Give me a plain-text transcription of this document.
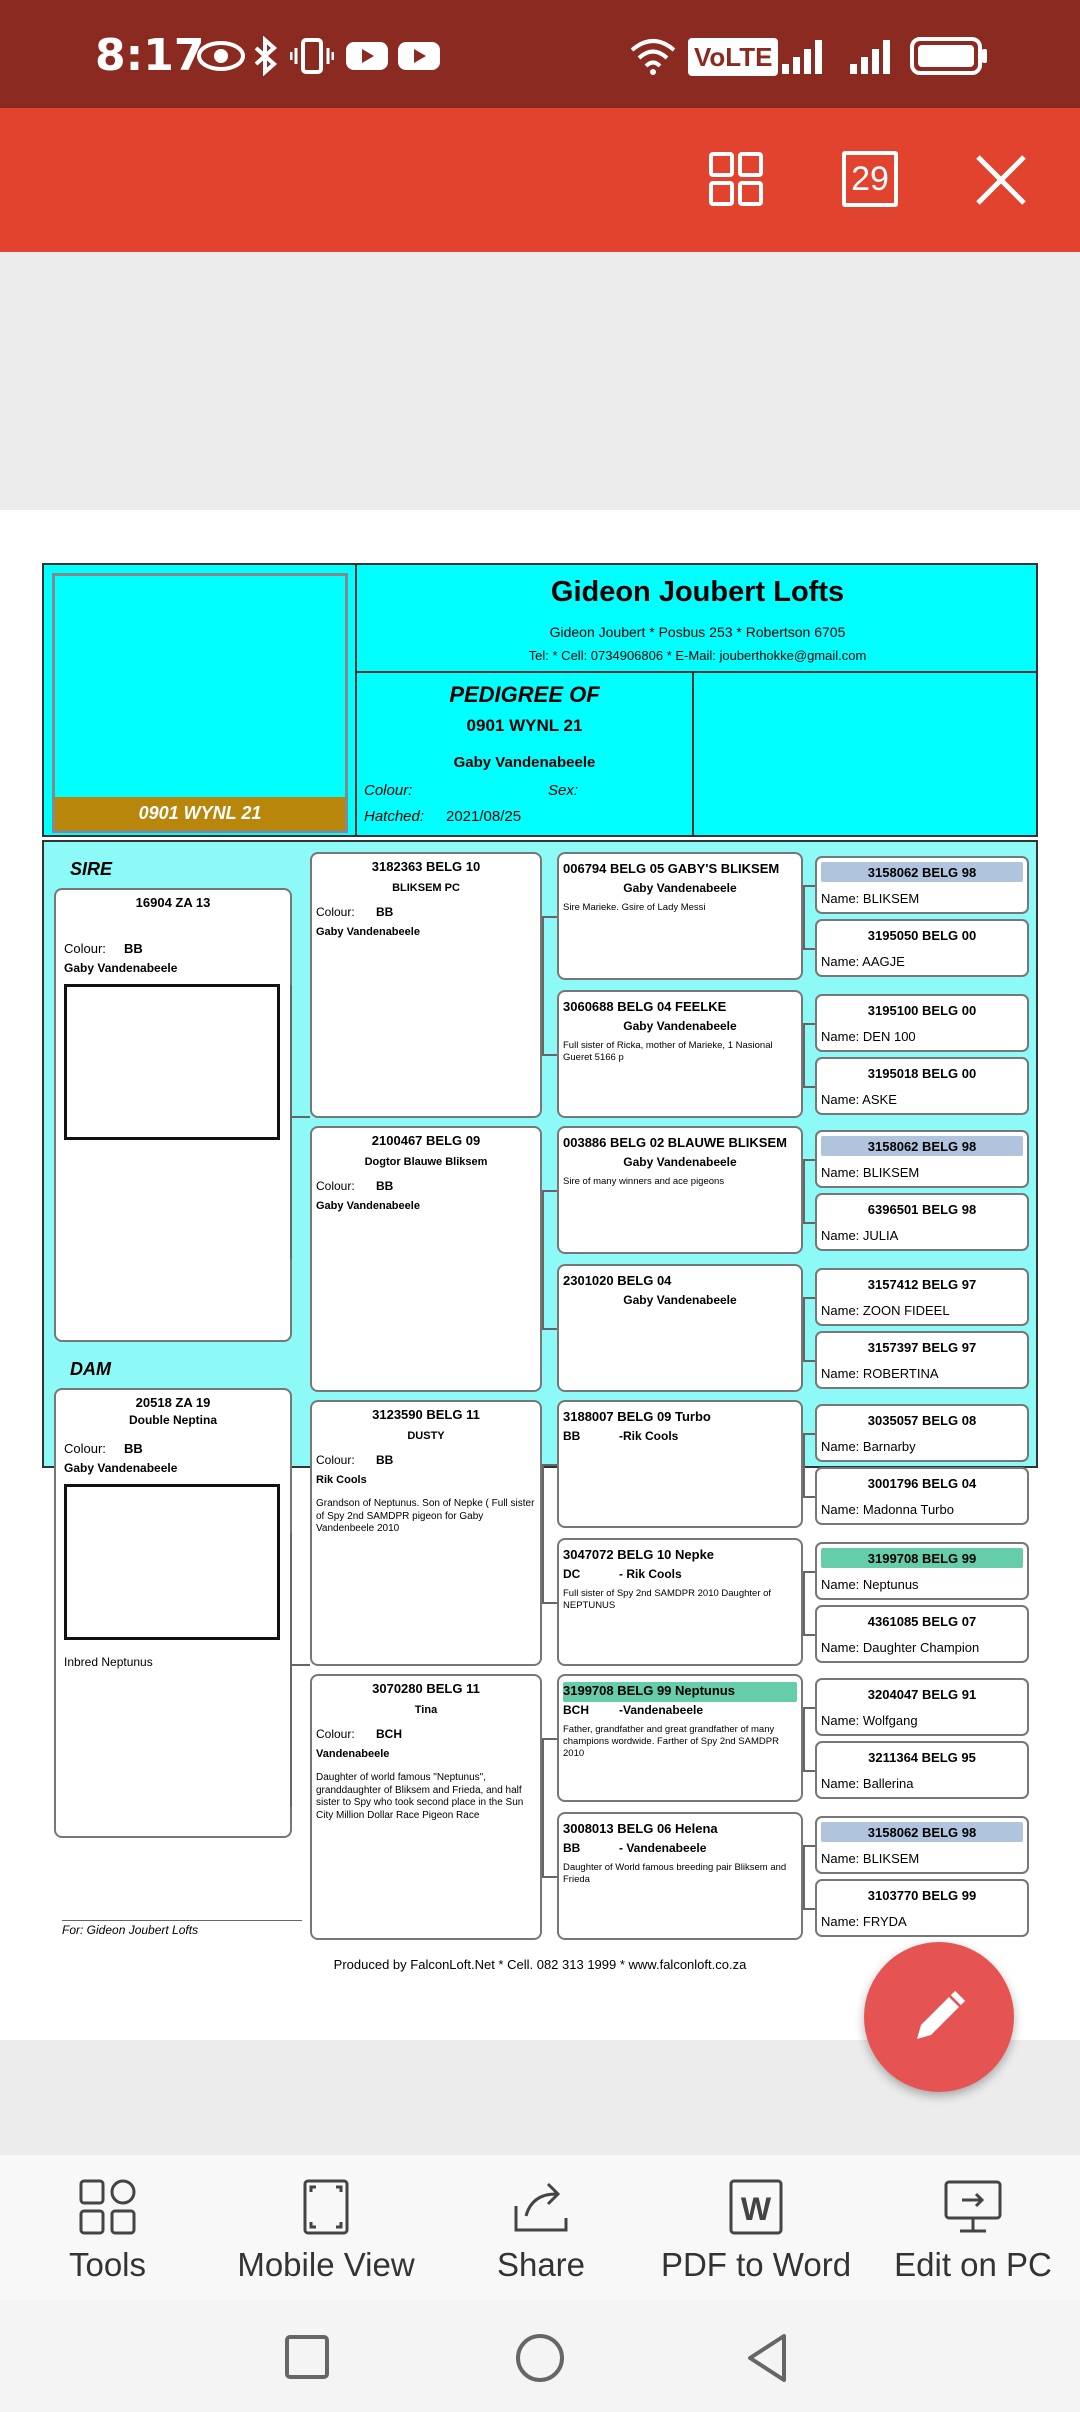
8:17	VoLTE
29
0901 WYNL 21
Gideon Joubert Lofts
Gideon Joubert * Posbus 253 * Robertson 6705
Tel: * Cell: 0734906806 * E-Mail: jouberthokke@gmail.com
PEDIGREE OF
0901 WYNL 21
Gaby Vandenabeele
Colour:	Sex:
Hatched: 2021/08/25
SIRE
DAM
16904 ZA 13
Colour: BB
Gaby Vandenabeele
20518 ZA 19
Double Neptina
Colour: BB
Gaby Vandenabeele
Inbred Neptunus
For: Gideon Joubert Lofts
Produced by FalconLoft.Net * Cell. 082 313 1999 * www.falconloft.co.za
3182363 BELG 10
BLIKSEM PC
Colour: BB
Gaby Vandenabeele
2100467 BELG 09
Dogtor Blauwe Bliksem
Colour: BB
Gaby Vandenabeele
3123590 BELG 11
DUSTY
Colour: BB
Rik Cools
Grandson of Neptunus. Son of Nepke ( Full sister of Spy 2nd SAMDPR pigeon for Gaby Vandenbeele 2010
3070280 BELG 11
Tina
Colour: BCH
Vandenabeele
Daughter of world famous "Neptunus", granddaughter of Bliksem and Frieda, and half sister to Spy who took second place in the Sun City Million Dollar Race Pigeon Race
006794 BELG 05 GABY'S BLIKSEM
Gaby Vandenabeele
Sire Marieke. Gsire of Lady Messi
3060688 BELG 04 FEELKE
Gaby Vandenabeele
Full sister of Ricka, mother of Marieke, 1 Nasional Gueret 5166 p
003886 BELG 02 BLAUWE BLIKSEM
Gaby Vandenabeele
Sire of many winners and ace pigeons
2301020 BELG 04
Gaby Vandenabeele
3188007 BELG 09 Turbo
BB	-Rik Cools
3047072 BELG 10 Nepke
DC	- Rik Cools
Full sister of Spy 2nd SAMDPR 2010 Daughter of NEPTUNUS
3199708 BELG 99 Neptunus
BCH	-Vandenabeele
Father, grandfather and great grandfather of many champions wordwide. Farther of Spy 2nd SAMDPR 2010
3008013 BELG 06 Helena
BB	- Vandenabeele
Daughter of World famous breeding pair Bliksem and Frieda
3158062 BELG 98
Name: BLIKSEM
3195050 BELG 00
Name: AAGJE
3195100 BELG 00
Name: DEN 100
3195018 BELG 00
Name: ASKE
3158062 BELG 98
Name: BLIKSEM
6396501 BELG 98
Name: JULIA
3157412 BELG 97
Name: ZOON FIDEEL
3157397 BELG 97
Name: ROBERTINA
3035057 BELG 08
Name: Barnarby
3001796 BELG 04
Name: Madonna Turbo
3199708 BELG 99
Name: Neptunus
4361085 BELG 07
Name: Daughter Champion
3204047 BELG 91
Name: Wolfgang
3211364 BELG 95
Name: Ballerina
3158062 BELG 98
Name: BLIKSEM
3103770 BELG 99
Name: FRYDA
Tools	Mobile View	Share
W
PDF to Word Edit on PC
